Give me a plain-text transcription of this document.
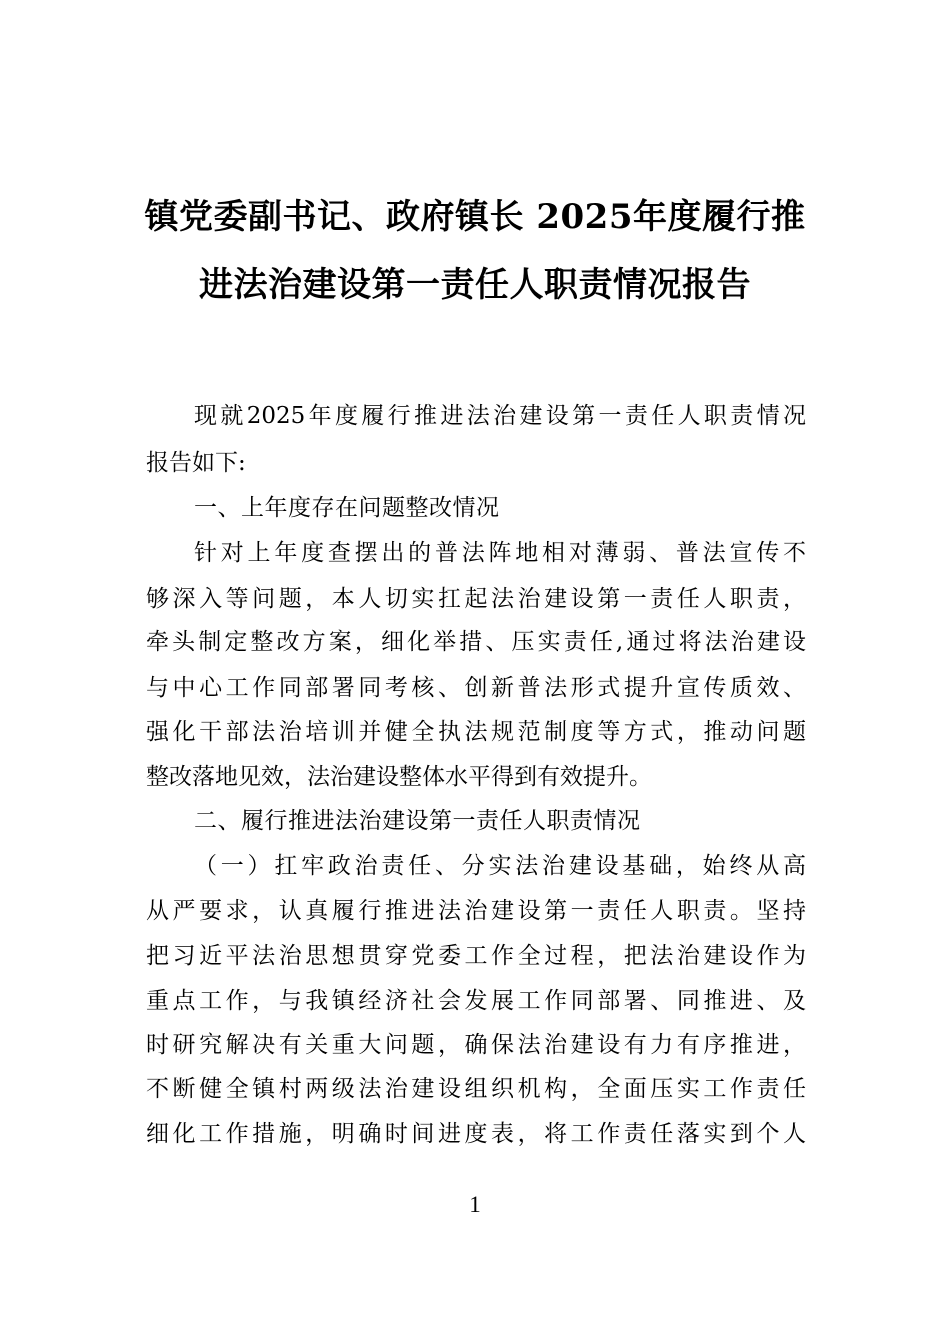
镇党委副书记、政府镇长 2025年度履行推
进法治建设第一责任人职责情况报告
现就2025年度履行推进法治建设第一责任人职责情况
报告如下:
一、上年度存在问题整改情况
针对上年度查摆出的普法阵地相对薄弱、普法宣传不
够深入等问题，本人切实扛起法治建设第一责任人职责，
牵头制定整改方案，细化举措、压实责任,通过将法治建设
与中心工作同部署同考核、创新普法形式提升宣传质效、
强化干部法治培训并健全执法规范制度等方式，推动问题
整改落地见效，法治建设整体水平得到有效提升。
二、履行推进法治建设第一责任人职责情况
（一）扛牢政治责任、分实法治建设基础，始终从高
从严要求，认真履行推进法治建设第一责任人职责。坚持
把习近平法治思想贯穿党委工作全过程，把法治建设作为
重点工作，与我镇经济社会发展工作同部署、同推进、及
时研究解决有关重大问题，确保法治建设有力有序推进，
不断健全镇村两级法治建设组织机构，全面压实工作责任
细化工作措施，明确时间进度表，将工作责任落实到个人
1
